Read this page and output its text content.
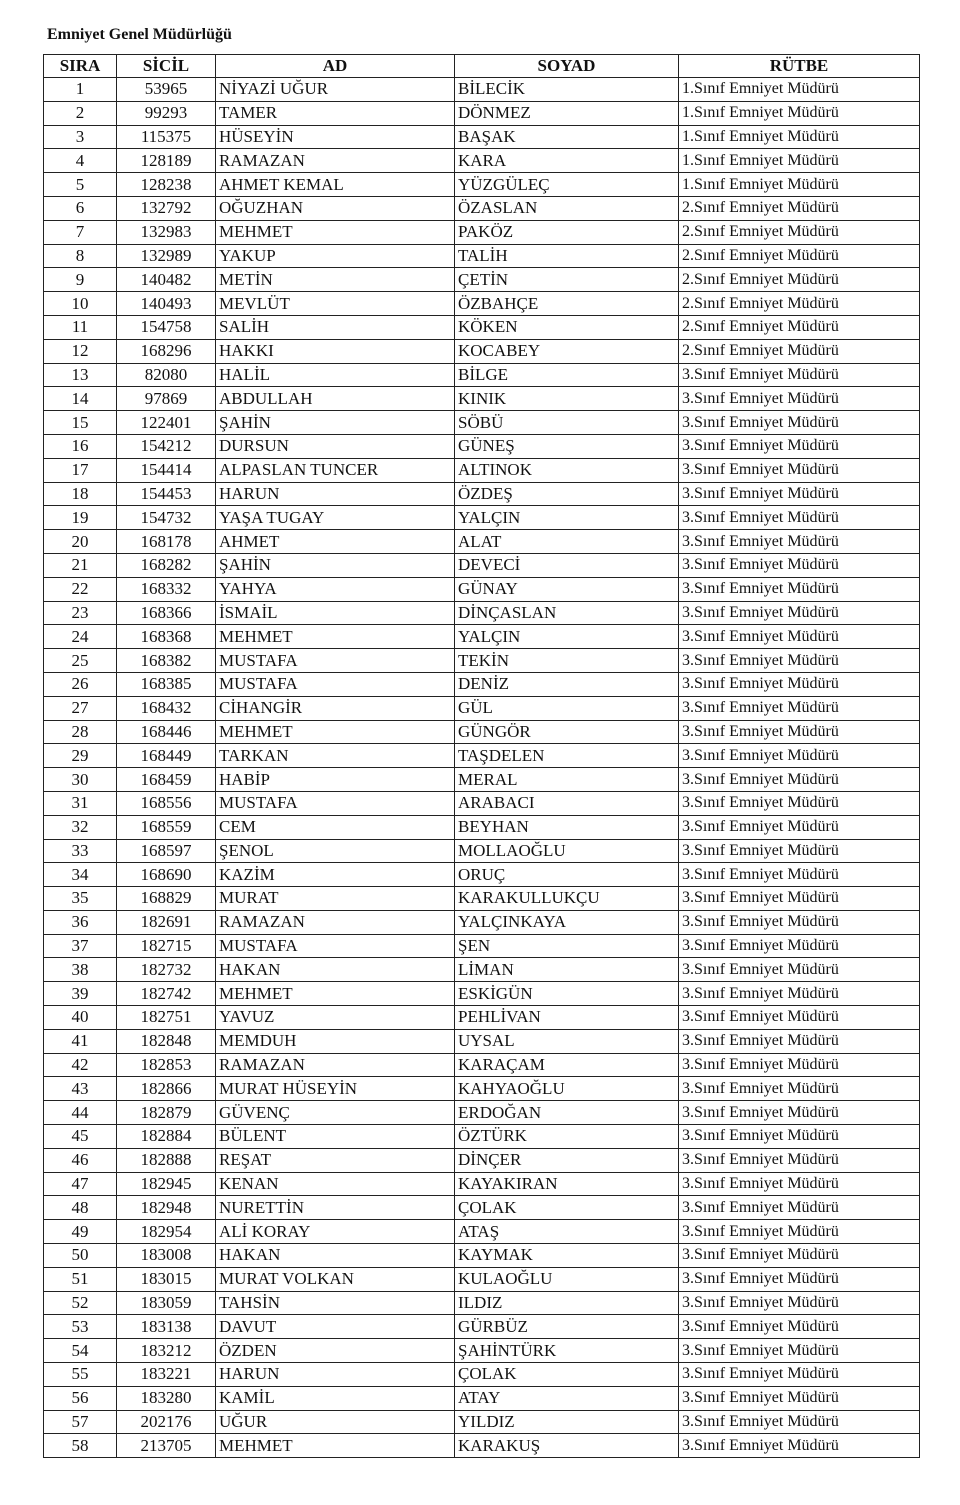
Emniyet Genel Müdürlüğü
SIRA	SİCİL	AD	SOYAD	RÜTBE
1	53965	NİYAZİ UĞUR	BİLECİK	1.Sınıf Emniyet Müdürü
2	99293	TAMER	DÖNMEZ	1.Sınıf Emniyet Müdürü
3	115375	HÜSEYİN	BAŞAK	1.Sınıf Emniyet Müdürü
4	128189	RAMAZAN	KARA	1.Sınıf Emniyet Müdürü
5	128238	AHMET KEMAL	YÜZGÜLEÇ	1.Sınıf Emniyet Müdürü
6	132792	OĞUZHAN	ÖZASLAN	2.Sınıf Emniyet Müdürü
7	132983	MEHMET	PAKÖZ	2.Sınıf Emniyet Müdürü
8	132989	YAKUP	TALİH	2.Sınıf Emniyet Müdürü
9	140482	METİN	ÇETİN	2.Sınıf Emniyet Müdürü
10	140493	MEVLÜT	ÖZBAHÇE	2.Sınıf Emniyet Müdürü
11	154758	SALİH	KÖKEN	2.Sınıf Emniyet Müdürü
12	168296	HAKKI	KOCABEY	2.Sınıf Emniyet Müdürü
13	82080	HALİL	BİLGE	3.Sınıf Emniyet Müdürü
14	97869	ABDULLAH	KINIK	3.Sınıf Emniyet Müdürü
15	122401	ŞAHİN	SÖBÜ	3.Sınıf Emniyet Müdürü
16	154212	DURSUN	GÜNEŞ	3.Sınıf Emniyet Müdürü
17	154414	ALPASLAN TUNCER	ALTINOK	3.Sınıf Emniyet Müdürü
18	154453	HARUN	ÖZDEŞ	3.Sınıf Emniyet Müdürü
19	154732	YAŞA TUGAY	YALÇIN	3.Sınıf Emniyet Müdürü
20	168178	AHMET	ALAT	3.Sınıf Emniyet Müdürü
21	168282	ŞAHİN	DEVECİ	3.Sınıf Emniyet Müdürü
22	168332	YAHYA	GÜNAY	3.Sınıf Emniyet Müdürü
23	168366	İSMAİL	DİNÇASLAN	3.Sınıf Emniyet Müdürü
24	168368	MEHMET	YALÇIN	3.Sınıf Emniyet Müdürü
25	168382	MUSTAFA	TEKİN	3.Sınıf Emniyet Müdürü
26	168385	MUSTAFA	DENİZ	3.Sınıf Emniyet Müdürü
27	168432	CİHANGİR	GÜL	3.Sınıf Emniyet Müdürü
28	168446	MEHMET	GÜNGÖR	3.Sınıf Emniyet Müdürü
29	168449	TARKAN	TAŞDELEN	3.Sınıf Emniyet Müdürü
30	168459	HABİP	MERAL	3.Sınıf Emniyet Müdürü
31	168556	MUSTAFA	ARABACI	3.Sınıf Emniyet Müdürü
32	168559	CEM	BEYHAN	3.Sınıf Emniyet Müdürü
33	168597	ŞENOL	MOLLAOĞLU	3.Sınıf Emniyet Müdürü
34	168690	KAZİM	ORUÇ	3.Sınıf Emniyet Müdürü
35	168829	MURAT	KARAKULLUKÇU	3.Sınıf Emniyet Müdürü
36	182691	RAMAZAN	YALÇINKAYA	3.Sınıf Emniyet Müdürü
37	182715	MUSTAFA	ŞEN	3.Sınıf Emniyet Müdürü
38	182732	HAKAN	LİMAN	3.Sınıf Emniyet Müdürü
39	182742	MEHMET	ESKİGÜN	3.Sınıf Emniyet Müdürü
40	182751	YAVUZ	PEHLİVAN	3.Sınıf Emniyet Müdürü
41	182848	MEMDUH	UYSAL	3.Sınıf Emniyet Müdürü
42	182853	RAMAZAN	KARAÇAM	3.Sınıf Emniyet Müdürü
43	182866	MURAT HÜSEYİN	KAHYAOĞLU	3.Sınıf Emniyet Müdürü
44	182879	GÜVENÇ	ERDOĞAN	3.Sınıf Emniyet Müdürü
45	182884	BÜLENT	ÖZTÜRK	3.Sınıf Emniyet Müdürü
46	182888	REŞAT	DİNÇER	3.Sınıf Emniyet Müdürü
47	182945	KENAN	KAYAKIRAN	3.Sınıf Emniyet Müdürü
48	182948	NURETTİN	ÇOLAK	3.Sınıf Emniyet Müdürü
49	182954	ALİ KORAY	ATAŞ	3.Sınıf Emniyet Müdürü
50	183008	HAKAN	KAYMAK	3.Sınıf Emniyet Müdürü
51	183015	MURAT VOLKAN	KULAOĞLU	3.Sınıf Emniyet Müdürü
52	183059	TAHSİN	ILDIZ	3.Sınıf Emniyet Müdürü
53	183138	DAVUT	GÜRBÜZ	3.Sınıf Emniyet Müdürü
54	183212	ÖZDEN	ŞAHİNTÜRK	3.Sınıf Emniyet Müdürü
55	183221	HARUN	ÇOLAK	3.Sınıf Emniyet Müdürü
56	183280	KAMİL	ATAY	3.Sınıf Emniyet Müdürü
57	202176	UĞUR	YILDIZ	3.Sınıf Emniyet Müdürü
58	213705	MEHMET	KARAKUŞ	3.Sınıf Emniyet Müdürü
